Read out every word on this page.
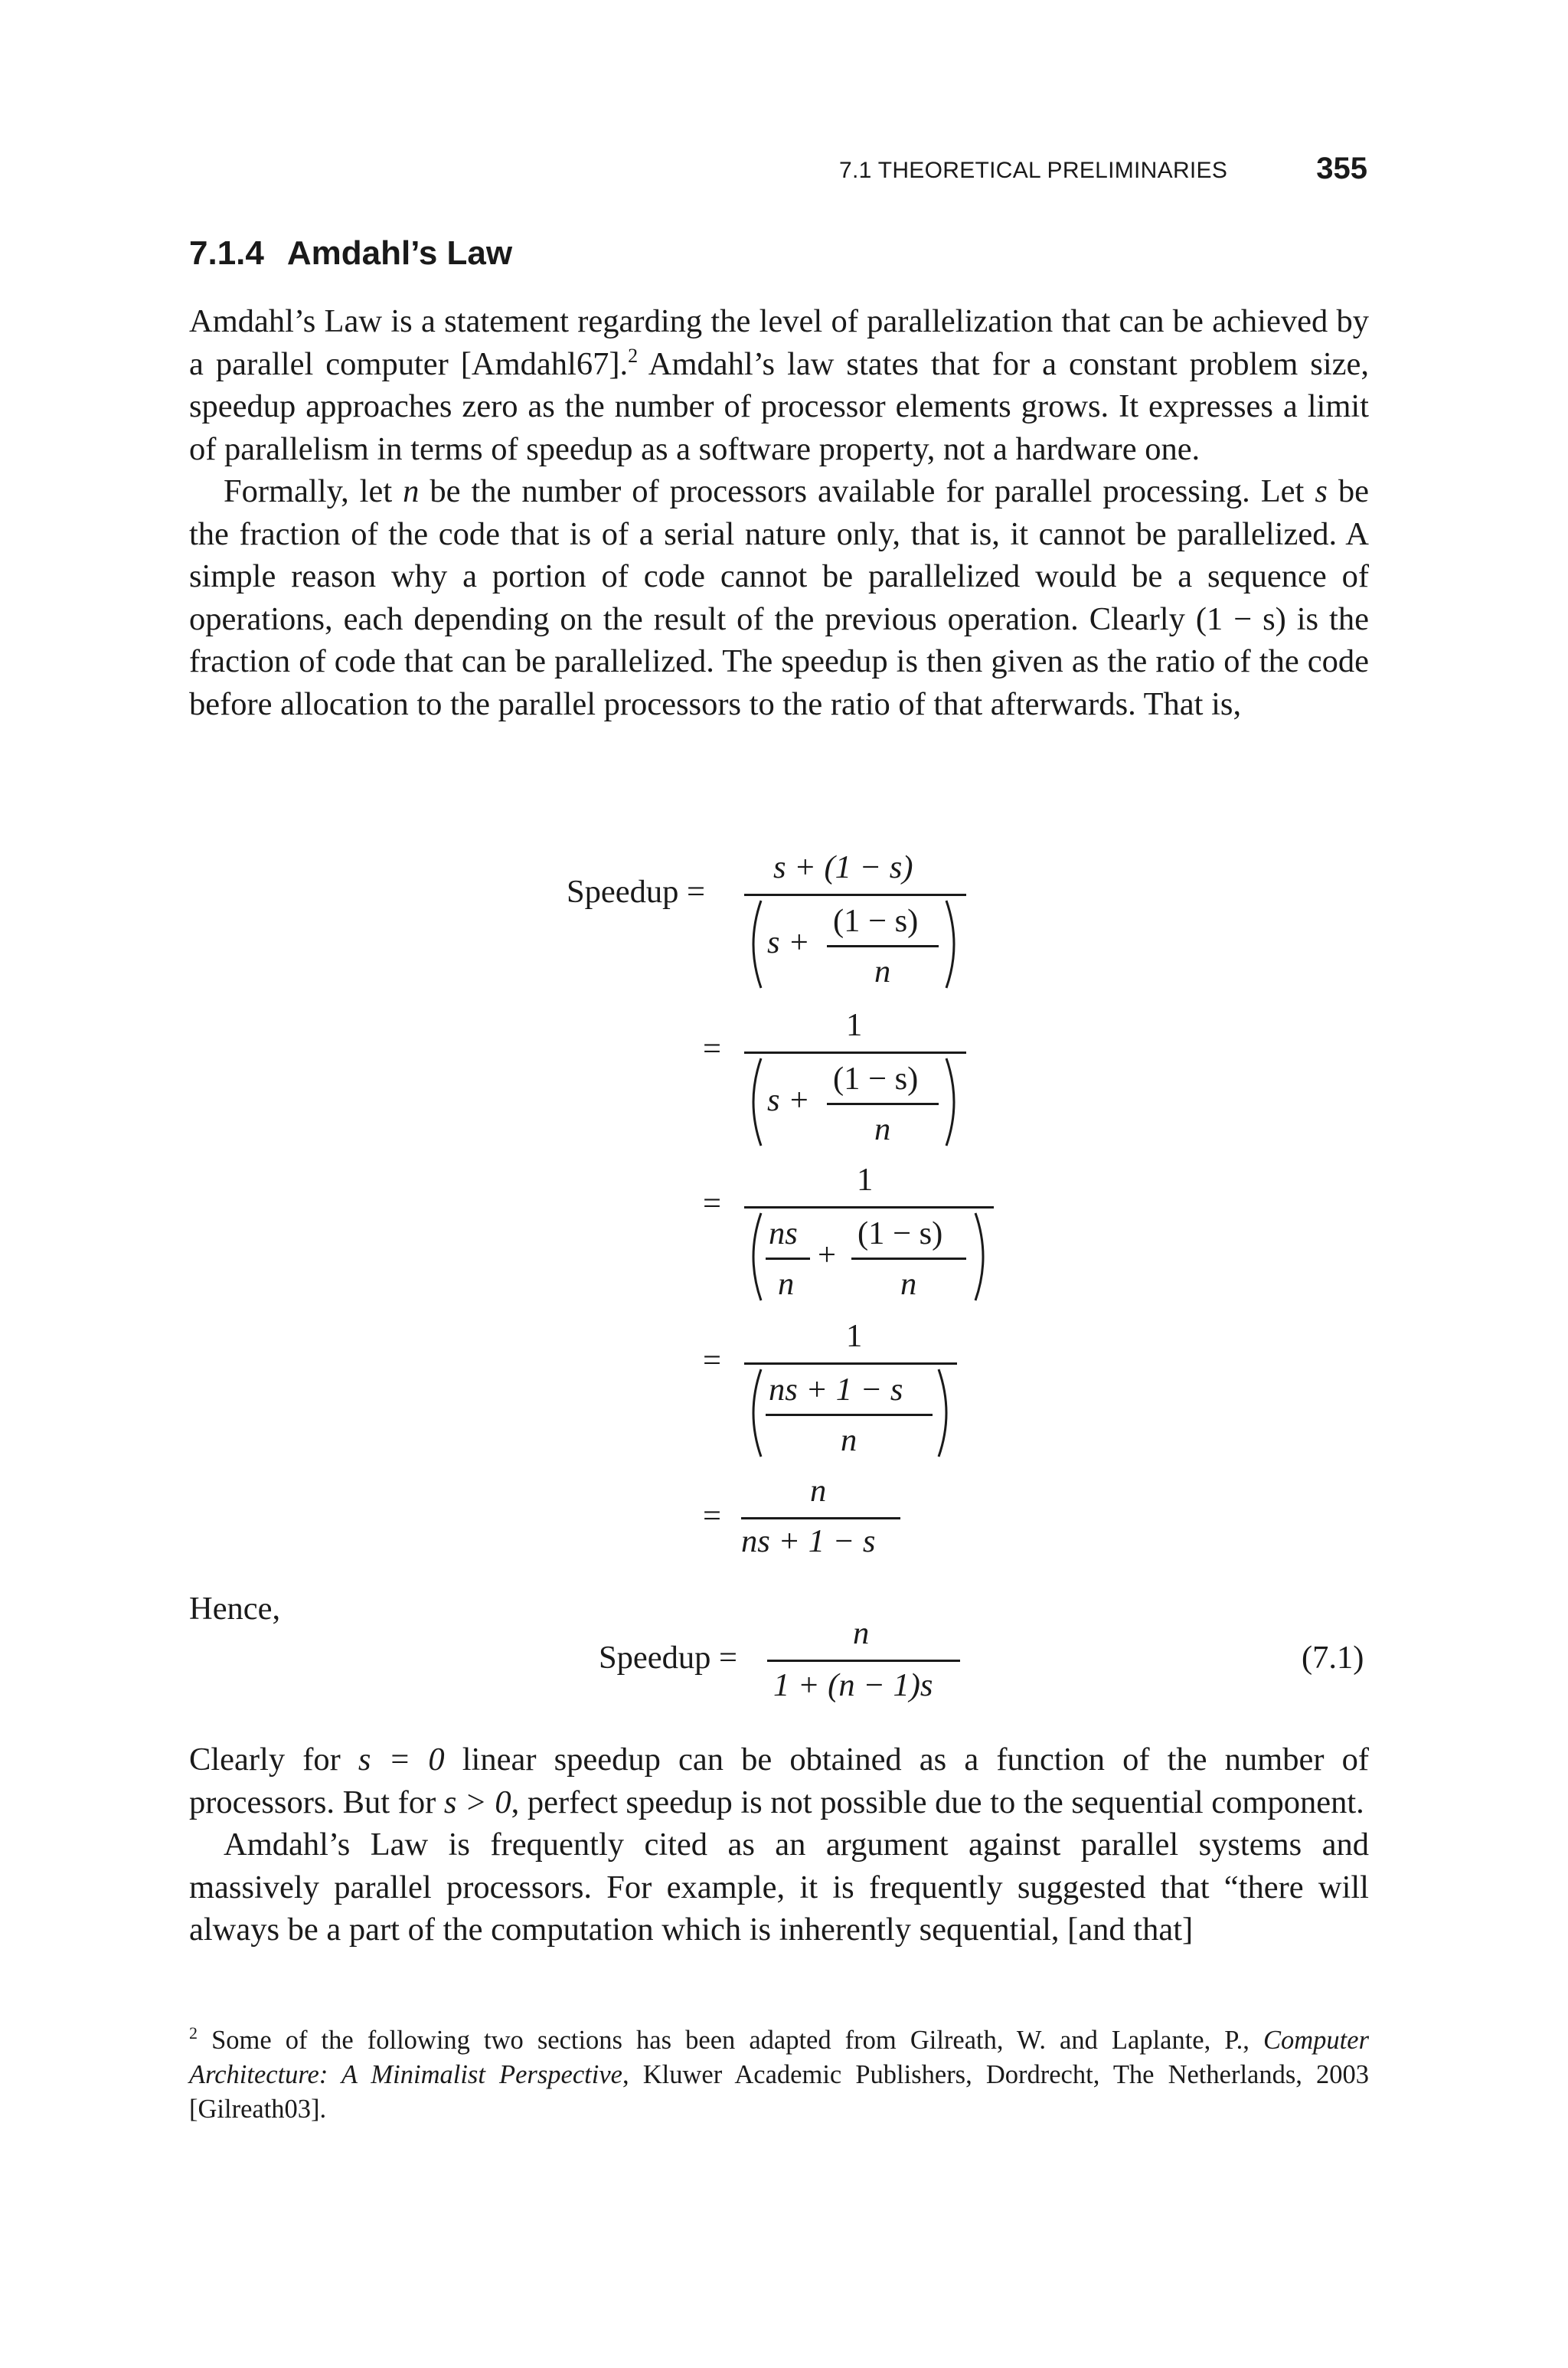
7.1 THEORETICAL PRELIMINARIES	355
7.1.4 Amdahl’s Law

Amdahl’s Law is a statement regarding the level of parallelization that can be achieved by a parallel computer [Amdahl67].$^2$ Amdahl’s law states that for a constant problem size, speedup approaches zero as the number of processor elements grows. It expresses a limit of parallelism in terms of speedup as a software property, not a hardware one.

Formally, let n be the number of processors available for parallel processing. Let s be the fraction of the code that is of a serial nature only, that is, it cannot be parallelized. A simple reason why a portion of code cannot be parallelized would be a sequence of operations, each depending on the result of the previous operation. Clearly (1 − s) is the fraction of code that can be parallelized. The speedup is then given as the ratio of the code before allocation to the parallel processors to the ratio of that afterwards. That is,

Speedup =
s + (1 − s)
s +
(1 − s)
n
=
1
s +
(1 − s)
n
=
1
ns
n
+
(1 − s)
n
=
1
ns + 1 − s
n
=
n
ns + 1 − s
Hence,
Speedup =
n
1 + (n − 1)s
(7.1)

Clearly for s = 0 linear speedup can be obtained as a function of the number of processors. But for s > 0, perfect speedup is not possible due to the sequential component.

Amdahl’s Law is frequently cited as an argument against parallel systems and massively parallel processors. For example, it is frequently suggested that “there will always be a part of the computation which is inherently sequential, [and that]

$^2$ Some of the following two sections has been adapted from Gilreath, W. and Laplante, P., Computer Architecture: A Minimalist Perspective, Kluwer Academic Publishers, Dordrecht, The Netherlands, 2003 [Gilreath03].
